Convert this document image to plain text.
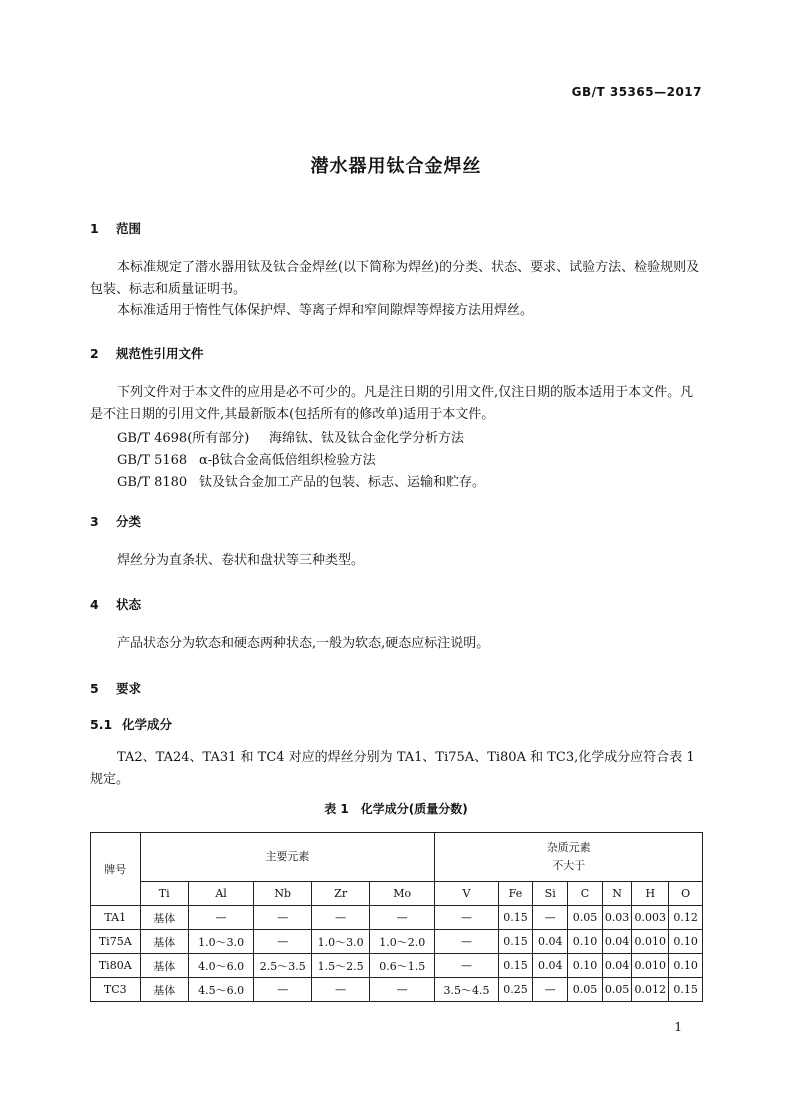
GB/T 35365—2017
潜水器用钛合金焊丝
1 范围
本标准规定了潜水器用钛及钛合金焊丝(以下简称为焊丝)的分类、状态、要求、试验方法、检验规则及包装、标志和质量证明书。
本标准适用于惰性气体保护焊、等离子焊和窄间隙焊等焊接方法用焊丝。
2 规范性引用文件
下列文件对于本文件的应用是必不可少的。凡是注日期的引用文件,仅注日期的版本适用于本文件。凡是不注日期的引用文件,其最新版本(包括所有的修改单)适用于本文件。
GB/T 4698(所有部分) 海绵钛、钛及钛合金化学分析方法
GB/T 5168 α-β钛合金高低倍组织检验方法
GB/T 8180 钛及钛合金加工产品的包装、标志、运输和贮存。
3 分类
焊丝分为直条状、卷状和盘状等三种类型。
4 状态
产品状态分为软态和硬态两种状态,一般为软态,硬态应标注说明。
5 要求
5.1 化学成分
TA2、TA24、TA31 和 TC4 对应的焊丝分别为 TA1、Ti75A、Ti80A 和 TC3,化学成分应符合表 1 规定。
表 1　化学成分(质量分数)
牌号	主要元素					杂质元素
不大于						

	Ti	Al	Nb	Zr	Mo	V	Fe	Si	C	N	H	O
TA1	基体	—	—	—	—	—	0.15	—	0.05	0.03	0.003	0.12
Ti75A	基体	1.0～3.0	—	1.0～3.0	1.0～2.0	—	0.15	0.04	0.10	0.04	0.010	0.10
Ti80A	基体	4.0～6.0	2.5～3.5	1.5～2.5	0.6～1.5	—	0.15	0.04	0.10	0.04	0.010	0.10
TC3	基体	4.5～6.0	—	—	—	3.5～4.5	0.25	—	0.05	0.05	0.012	0.15
1
